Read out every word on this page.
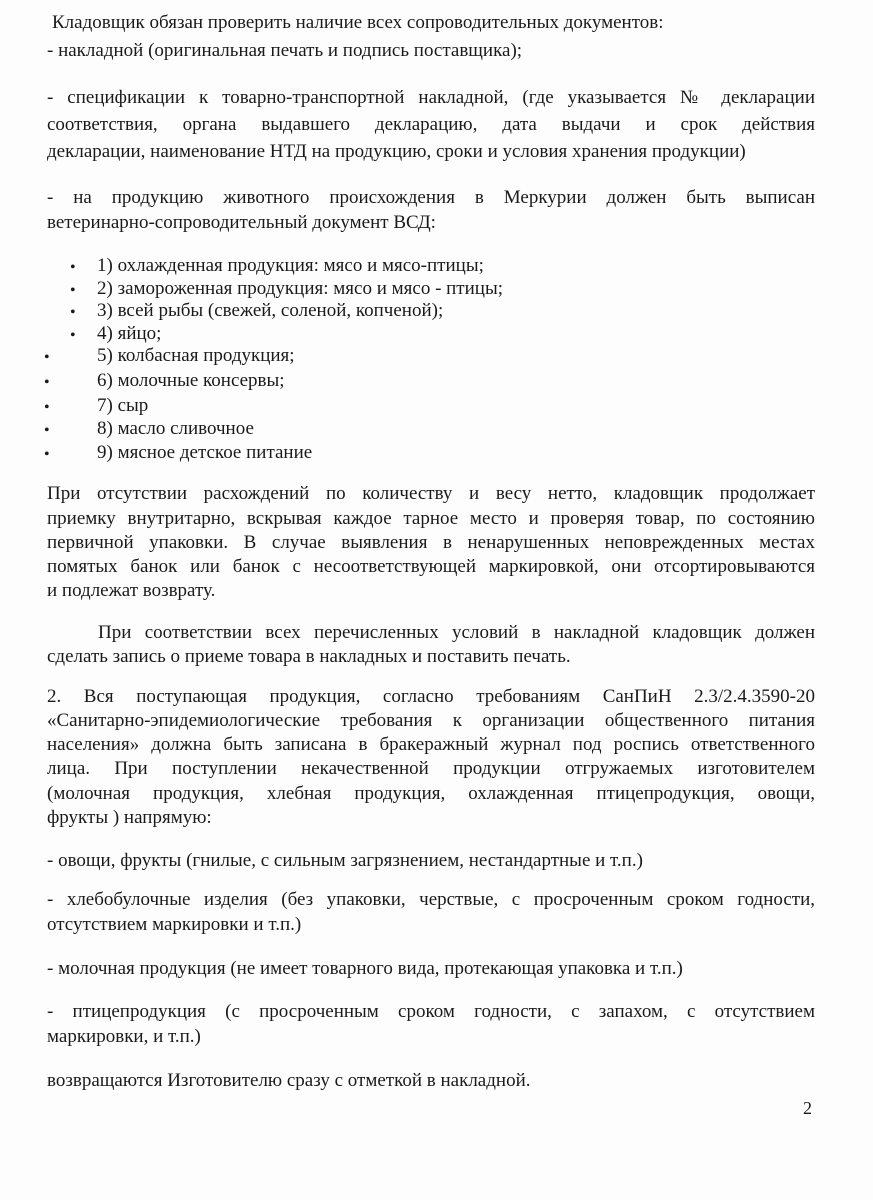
Кладовщик обязан проверить наличие всех сопроводительных документов:
- накладной (оригинальная печать и подпись поставщика);
- спецификации к товарно-транспортной накладной, (где указывается № декларации
соответствия, органа выдавшего декларацию, дата выдачи и срок действия
декларации, наименование НТД на продукцию, сроки и условия хранения продукции)
- на продукцию животного происхождения в Меркурии должен быть выписан
ветеринарно-сопроводительный документ ВСД:
• 1) охлажденная продукция: мясо и мясо-птицы;
• 2) замороженная продукция: мясо и мясо - птицы;
• 3) всей рыбы (свежей, соленой, копченой);
• 4) яйцо;
• 5) колбасная продукция;
• 6) молочные консервы;
• 7) сыр
• 8) масло сливочное
• 9) мясное детское питание
При отсутствии расхождений по количеству и весу нетто, кладовщик продолжает
приемку внутритарно, вскрывая каждое тарное место и проверяя товар, по состоянию
первичной упаковки. В случае выявления в ненарушенных неповрежденных местах
помятых банок или банок с несоответствующей маркировкой, они отсортировываются
и подлежат возврату.
При соответствии всех перечисленных условий в накладной кладовщик должен
сделать запись о приеме товара в накладных и поставить печать.
2. Вся поступающая продукция, согласно требованиям СанПиН 2.3/2.4.3590-20
«Санитарно-эпидемиологические требования к организации общественного питания
населения» должна быть записана в бракеражный журнал под роспись ответственного
лица. При поступлении некачественной продукции отгружаемых изготовителем
(молочная продукция, хлебная продукция, охлажденная птицепродукция, овощи,
фрукты ) напрямую:
- овощи, фрукты (гнилые, с сильным загрязнением, нестандартные и т.п.)
- хлебобулочные изделия (без упаковки, черствые, с просроченным сроком годности,
отсутствием маркировки и т.п.)
- молочная продукция (не имеет товарного вида, протекающая упаковка и т.п.)
- птицепродукция (с просроченным сроком годности, с запахом, с отсутствием
маркировки, и т.п.)
возвращаются Изготовителю сразу с отметкой в накладной.
2
